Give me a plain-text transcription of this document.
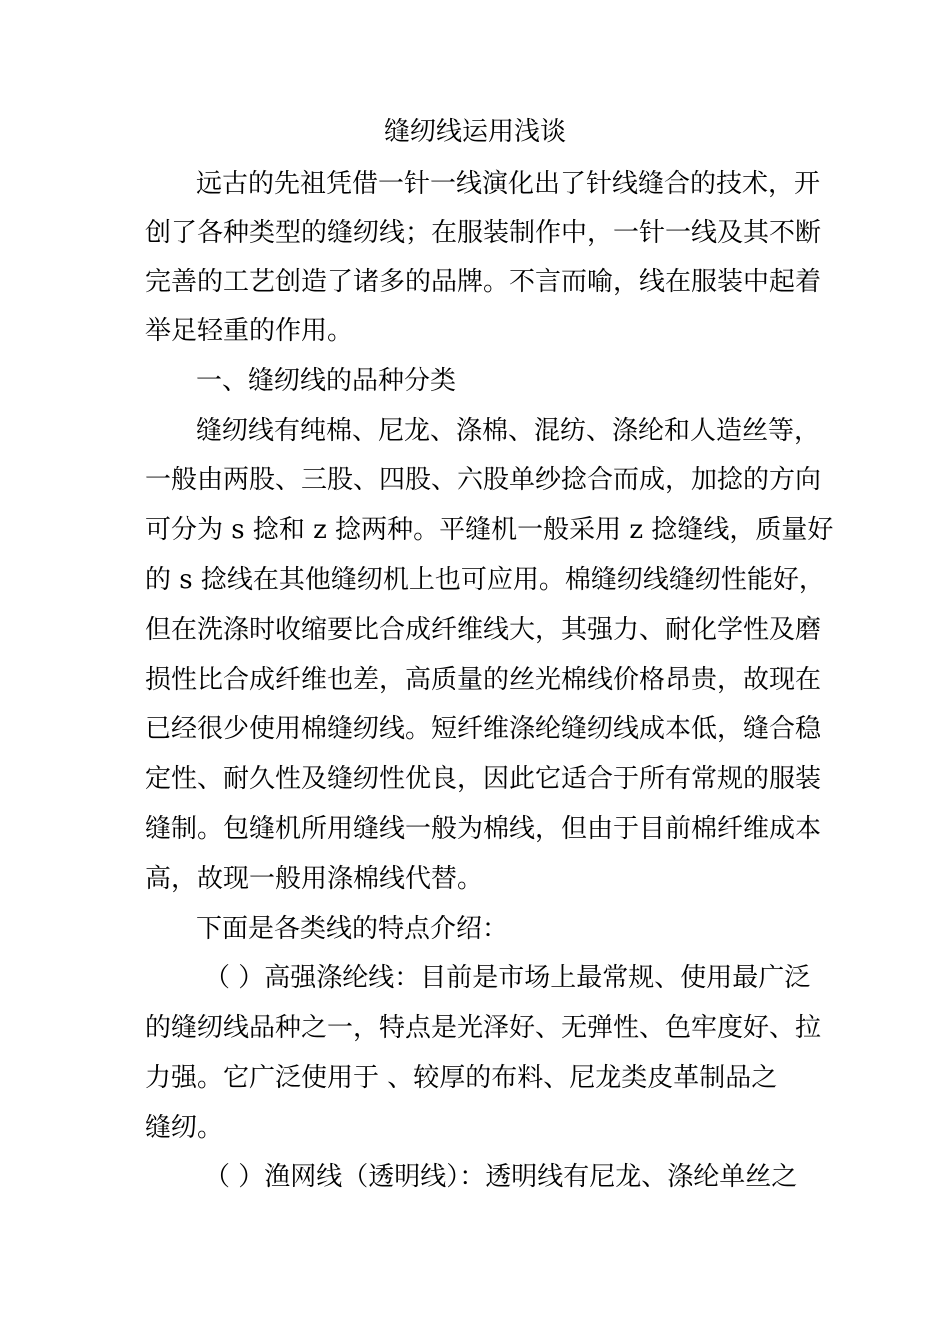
缝纫线运用浅谈
远古的先祖凭借一针一线演化出了针线缝合的技术，开
创了各种类型的缝纫线；在服装制作中，一针一线及其不断
完善的工艺创造了诸多的品牌。不言而喻，线在服装中起着
举足轻重的作用。
一、缝纫线的品种分类
缝纫线有纯棉、尼龙、涤棉、混纺、涤纶和人造丝等，
一般由两股、三股、四股、六股单纱捻合而成，加捻的方向
可分为 s 捻和 z 捻两种。平缝机一般采用 z 捻缝线，质量好
的 s 捻线在其他缝纫机上也可应用。棉缝纫线缝纫性能好，
但在洗涤时收缩要比合成纤维线大，其强力、耐化学性及磨
损性比合成纤维也差，高质量的丝光棉线价格昂贵，故现在
已经很少使用棉缝纫线。短纤维涤纶缝纫线成本低，缝合稳
定性、耐久性及缝纫性优良，因此它适合于所有常规的服装
缝制。包缝机所用缝线一般为棉线，但由于目前棉纤维成本
高，故现一般用涤棉线代替。
下面是各类线的特点介绍：
（ ）高强涤纶线：目前是市场上最常规、使用最广泛
的缝纫线品种之一，特点是光泽好、无弹性、色牢度好、拉
力强。它广泛使用于 、较厚的布料、尼龙类皮革制品之
缝纫。
（ ）渔网线（透明线）：透明线有尼龙、涤纶单丝之
